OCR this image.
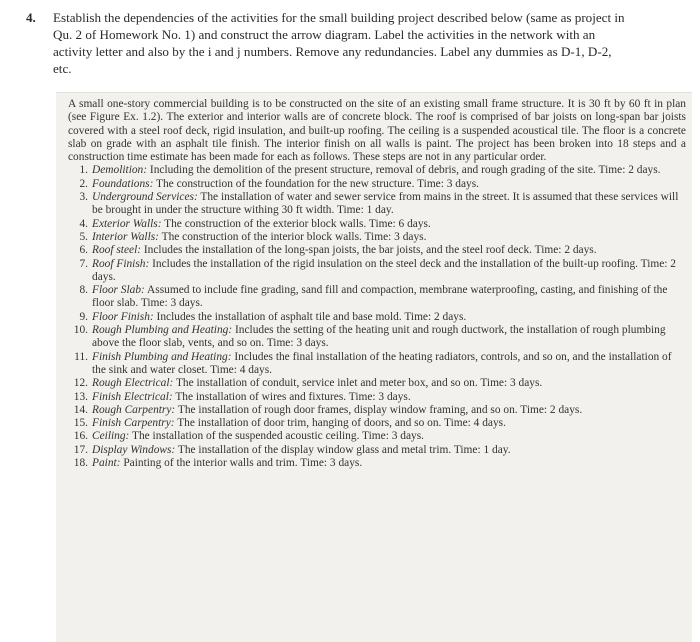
4. Establish the dependencies of the activities for the small building project described below (same as project in Qu. 2 of Homework No. 1) and construct the arrow diagram. Label the activities in the network with an activity letter and also by the i and j numbers. Remove any redundancies. Label any dummies as D-1, D-2, etc.

A small one-story commercial building is to be constructed on the site of an existing small frame structure. It is 30 ft by 60 ft in plan (see Figure Ex. 1.2). The exterior and interior walls are of concrete block. The roof is comprised of bar joists on long-span bar joists covered with a steel roof deck, rigid insulation, and built-up roofing. The ceiling is a suspended acoustical tile. The floor is a concrete slab on grade with an asphalt tile finish. The interior finish on all walls is paint. The project has been broken into 18 steps and a construction time estimate has been made for each as follows. These steps are not in any particular order.

1. Demolition: Including the demolition of the present structure, removal of debris, and rough grading of the site. Time: 2 days.
2. Foundations: The construction of the foundation for the new structure. Time: 3 days.
3. Underground Services: The installation of water and sewer service from mains in the street. It is assumed that these services will be brought in under the structure withing 30 ft width. Time: 1 day.
4. Exterior Walls: The construction of the exterior block walls. Time: 6 days.
5. Interior Walls: The construction of the interior block walls. Time: 3 days.
6. Roof steel: Includes the installation of the long-span joists, the bar joists, and the steel roof deck. Time: 2 days.
7. Roof Finish: Includes the installation of the rigid insulation on the steel deck and the installation of the built-up roofing. Time: 2 days.
8. Floor Slab: Assumed to include fine grading, sand fill and compaction, membrane waterproofing, casting, and finishing of the floor slab. Time: 3 days.
9. Floor Finish: Includes the installation of asphalt tile and base mold. Time: 2 days.
10. Rough Plumbing and Heating: Includes the setting of the heating unit and rough ductwork, the installation of rough plumbing above the floor slab, vents, and so on. Time: 3 days.
11. Finish Plumbing and Heating: Includes the final installation of the heating radiators, controls, and so on, and the installation of the sink and water closet. Time: 4 days.
12. Rough Electrical: The installation of conduit, service inlet and meter box, and so on. Time: 3 days.
13. Finish Electrical: The installation of wires and fixtures. Time: 3 days.
14. Rough Carpentry: The installation of rough door frames, display window framing, and so on. Time: 2 days.
15. Finish Carpentry: The installation of door trim, hanging of doors, and so on. Time: 4 days.
16. Ceiling: The installation of the suspended acoustic ceiling. Time: 3 days.
17. Display Windows: The installation of the display window glass and metal trim. Time: 1 day.
18. Paint: Painting of the interior walls and trim. Time: 3 days.
